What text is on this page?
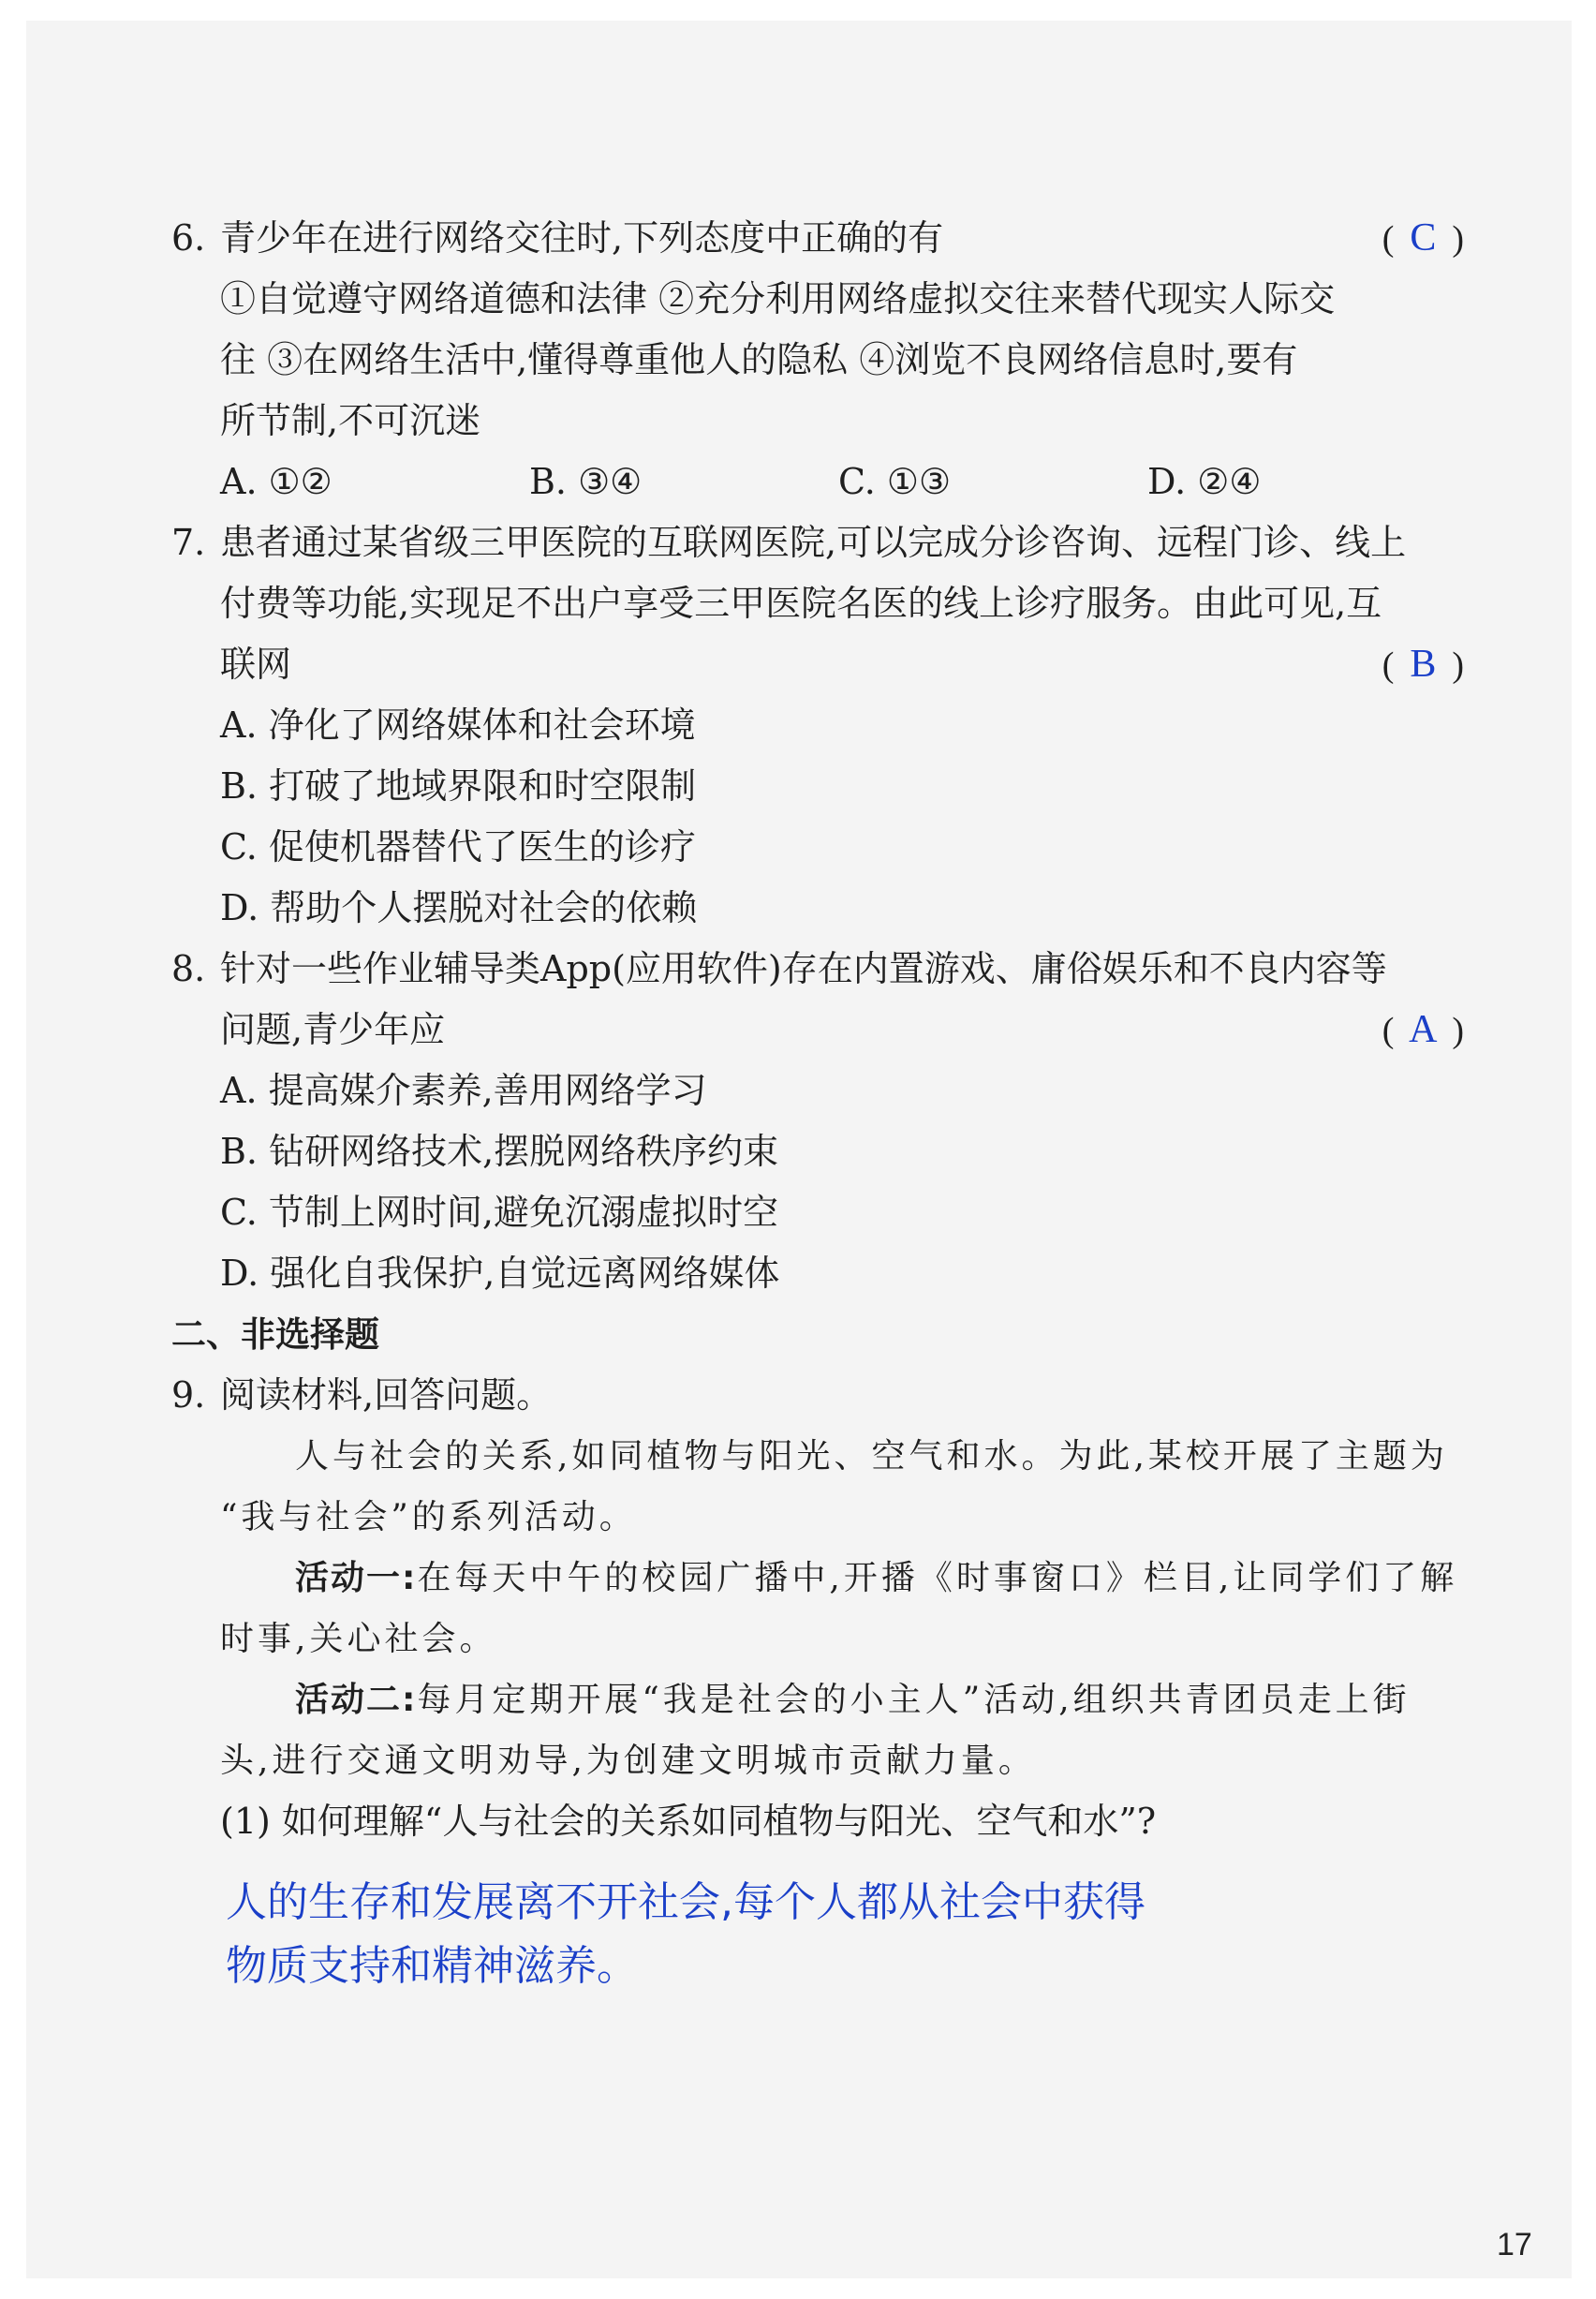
6. 青少年在进行网络交往时,下列态度中正确的有	( C )
①自觉遵守网络道德和法律 ②充分利用网络虚拟交往来替代现实人际交
往 ③在网络生活中,懂得尊重他人的隐私 ④浏览不良网络信息时,要有
所节制,不可沉迷
A. ①②	B. ③④	C. ①③	D. ②④
7. 患者通过某省级三甲医院的互联网医院,可以完成分诊咨询、远程门诊、线上
付费等功能,实现足不出户享受三甲医院名医的线上诊疗服务。由此可见,互
联网	( B )
A. 净化了网络媒体和社会环境
B. 打破了地域界限和时空限制
C. 促使机器替代了医生的诊疗
D. 帮助个人摆脱对社会的依赖
8. 针对一些作业辅导类App(应用软件)存在内置游戏、庸俗娱乐和不良内容等
问题,青少年应	( A )
A. 提高媒介素养,善用网络学习
B. 钻研网络技术,摆脱网络秩序约束
C. 节制上网时间,避免沉溺虚拟时空
D. 强化自我保护,自觉远离网络媒体
二、非选择题
9. 阅读材料,回答问题。
人与社会的关系,如同植物与阳光、空气和水。为此,某校开展了主题为
“我与社会”的系列活动。
活动一:在每天中午的校园广播中,开播《时事窗口》栏目,让同学们了解
时事,关心社会。
活动二:每月定期开展“我是社会的小主人”活动,组织共青团员走上街
头,进行交通文明劝导,为创建文明城市贡献力量。
(1) 如何理解“人与社会的关系如同植物与阳光、空气和水”?
人的生存和发展离不开社会,每个人都从社会中获得
物质支持和精神滋养。
17
